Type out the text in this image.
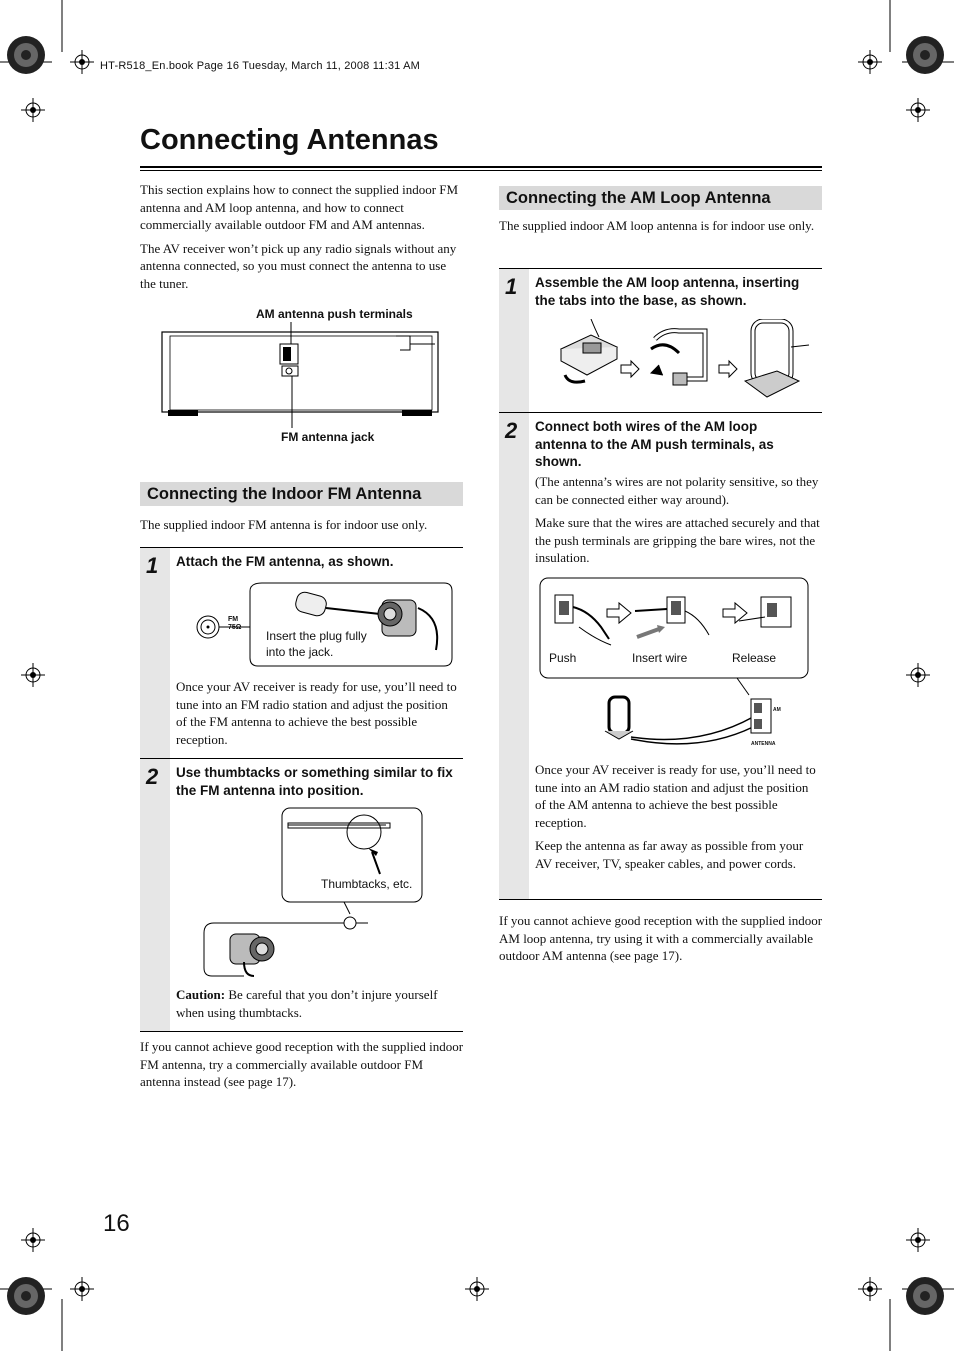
HT-R518_En.book Page 16 Tuesday, March 11, 2008 11:31 AM
Connecting Antennas

This section explains how to connect the supplied indoor FM antenna and AM loop antenna, and how to connect commercially available outdoor FM and AM antennas.

The AV receiver won’t pick up any radio signals without any antenna connected, so you must connect the antenna to use the tuner.

AM antenna push terminals
FM antenna jack
Connecting the Indoor FM Antenna
The supplied indoor FM antenna is for indoor use only.
1 Attach the FM antenna, as shown.
FM
75Ω
Insert the plug fully into the jack.
Once your AV receiver is ready for use, you’ll need to tune into an FM radio station and adjust the position of the FM antenna to achieve the best possible reception.
2 Use thumbtacks or something similar to fix the FM antenna into position.
Thumbtacks, etc.
Caution: Be careful that you don’t injure yourself when using thumbtacks.
If you cannot achieve good reception with the supplied indoor FM antenna, try a commercially available outdoor FM antenna instead (see page 17).
Connecting the AM Loop Antenna
The supplied indoor AM loop antenna is for indoor use only.
1 Assemble the AM loop antenna, inserting the tabs into the base, as shown.
2 Connect both wires of the AM loop antenna to the AM push terminals, as shown.

(The antenna’s wires are not polarity sensitive, so they can be connected either way around).

Make sure that the wires are attached securely and that the push terminals are gripping the bare wires, not the insulation.

Push	Insert wire	Release
AM
ANTENNA

Once your AV receiver is ready for use, you’ll need to tune into an AM radio station and adjust the position of the AM antenna to achieve the best possible reception.

Keep the antenna as far away as possible from your AV receiver, TV, speaker cables, and power cords.

If you cannot achieve good reception with the supplied indoor AM loop antenna, try using it with a commercially available outdoor AM antenna (see page 17).
16
